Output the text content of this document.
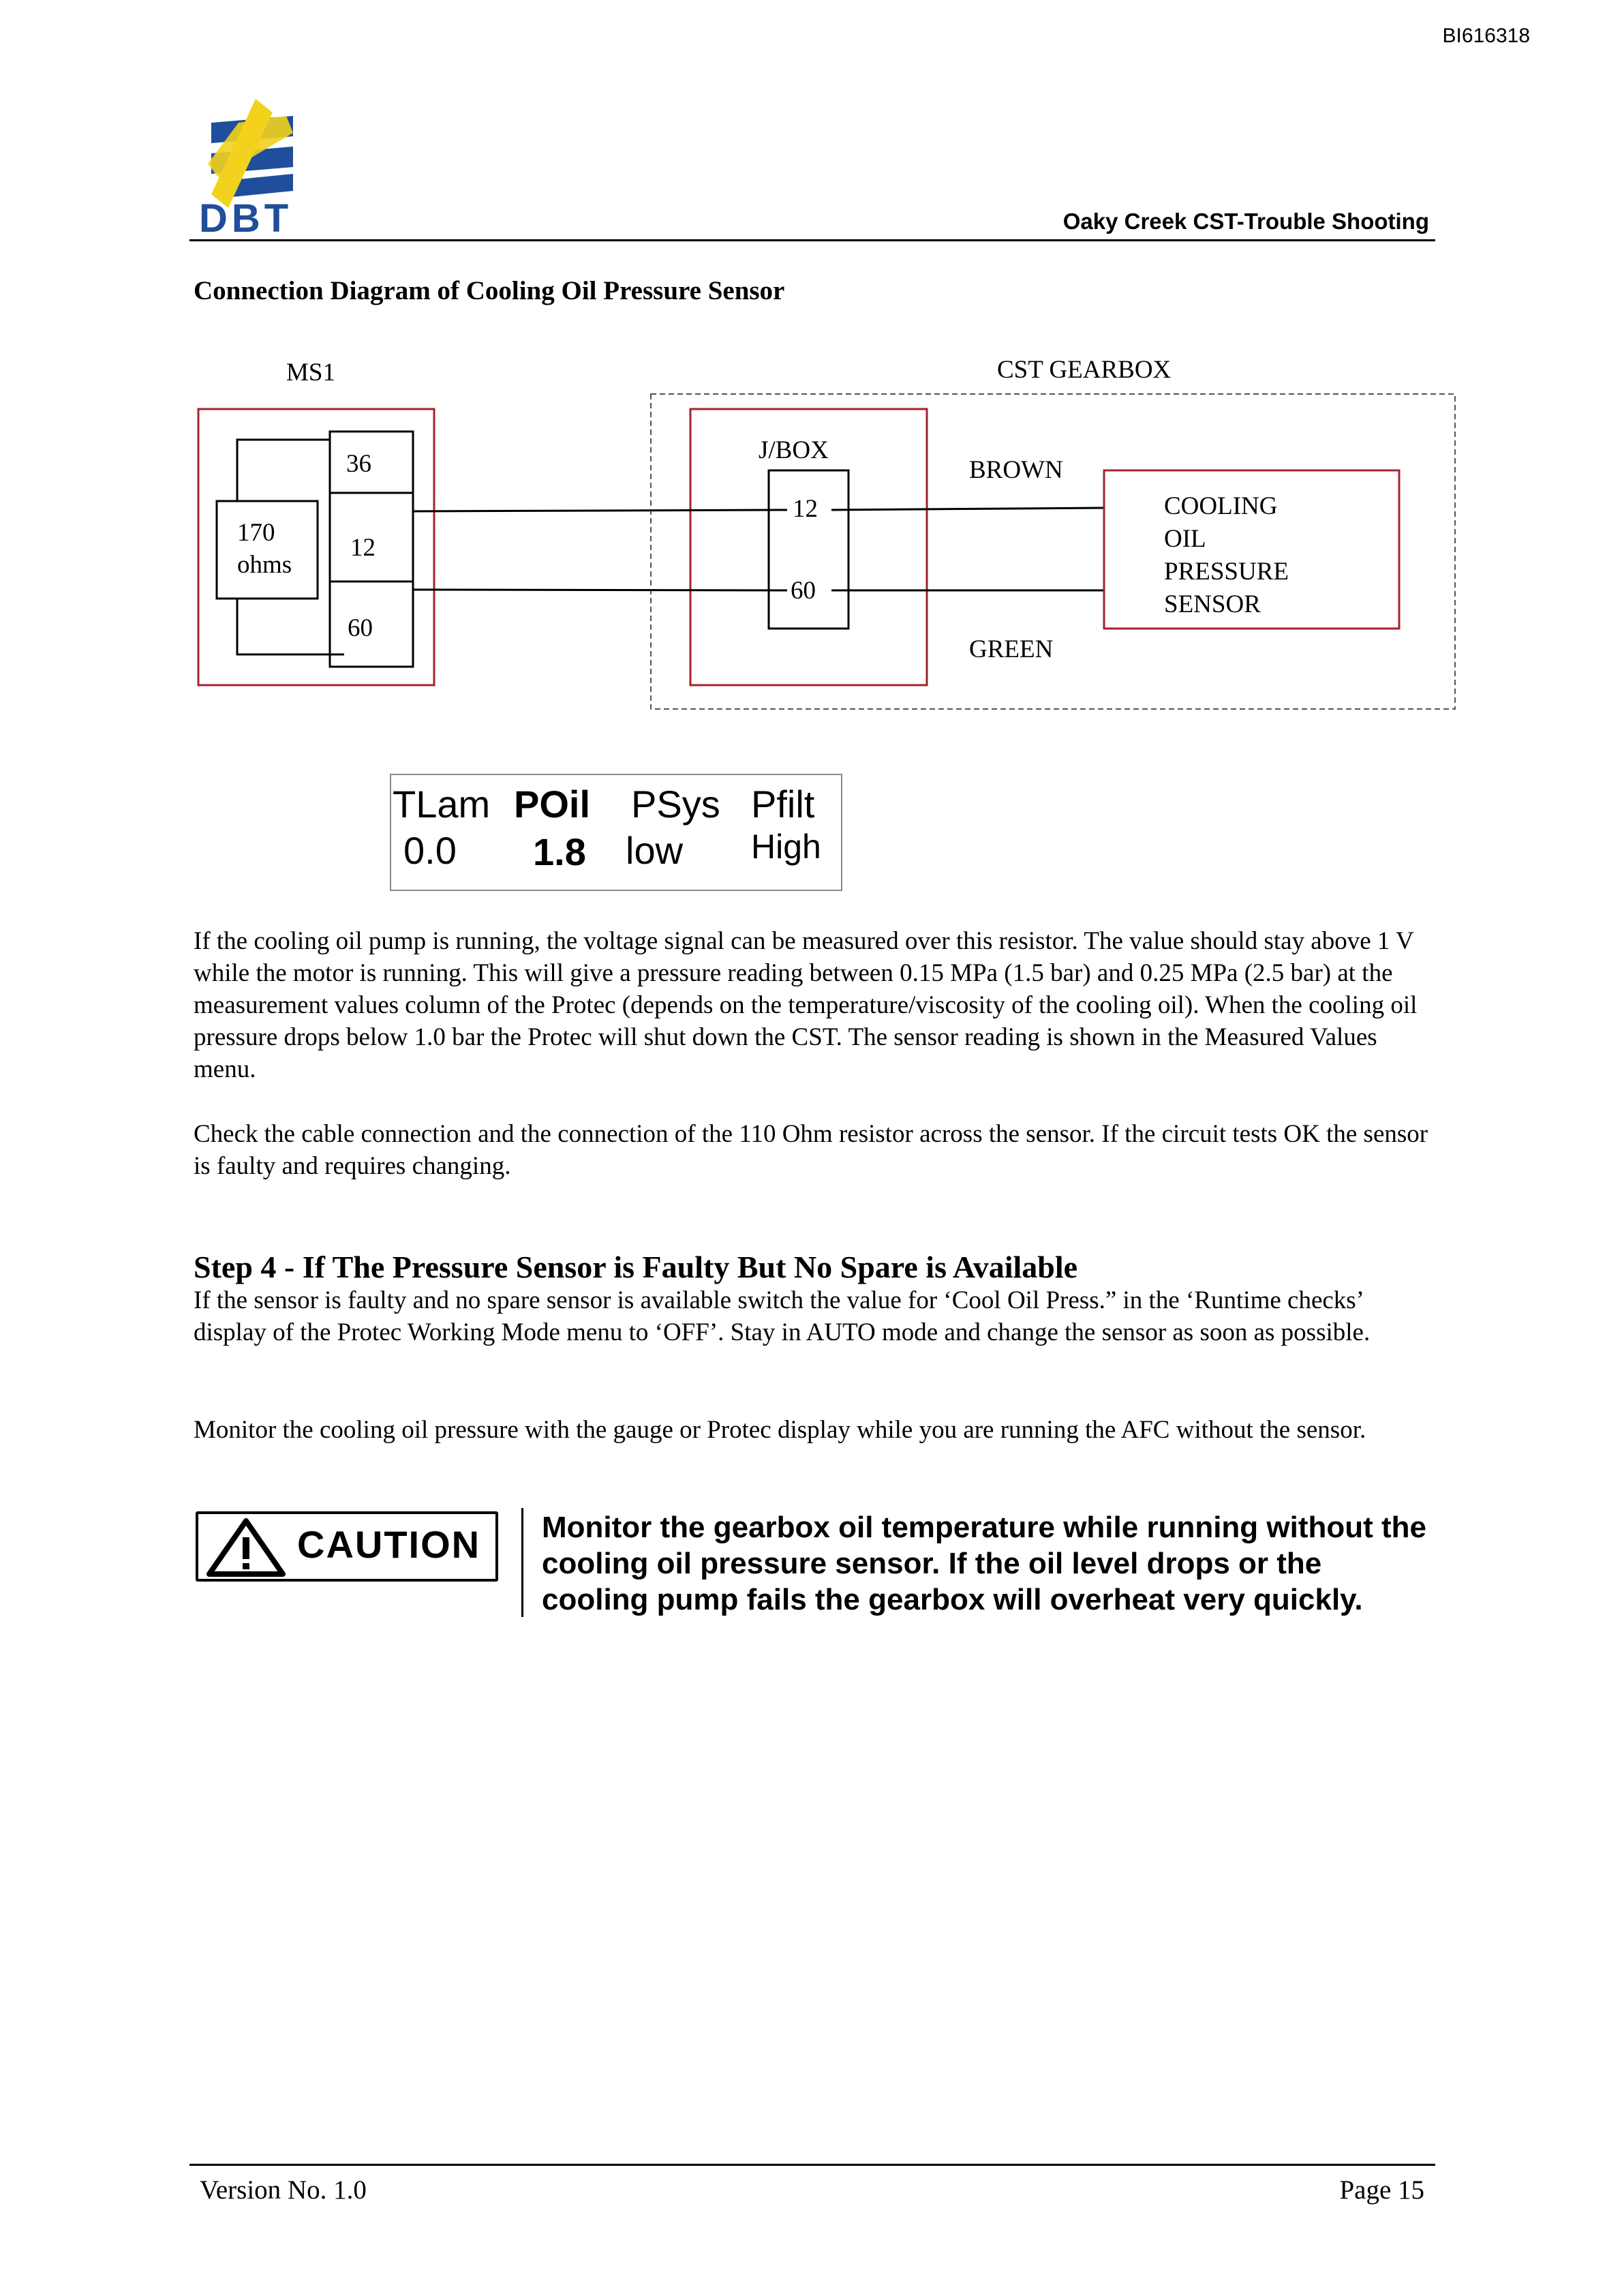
BI616318
DBT	Oaky Creek CST-Trouble Shooting
Connection Diagram of Cooling Oil Pressure Sensor
MS1	CST GEARBOX
36
12
60
170
ohms
J/BOX
12
60
BROWN
GREEN
COOLING
OIL
PRESSURE
SENSOR
TLam POil PSys Pfilt
0.0 1.8 low High
If the cooling oil pump is running, the voltage signal can be measured over this resistor. The value should stay above 1 V while the motor is running. This will give a pressure reading between 0.15 MPa (1.5 bar) and 0.25 MPa (2.5 bar) at the measurement values column of the Protec (depends on the temperature/viscosity of the cooling oil). When the cooling oil pressure drops below 1.0 bar the Protec will shut down the CST. The sensor reading is shown in the Measured Values menu.
Check the cable connection and the connection of the 110 Ohm resistor across the sensor. If the circuit tests OK the sensor is faulty and requires changing.
Step 4 - If The Pressure Sensor is Faulty But No Spare is Available
If the sensor is faulty and no spare sensor is available switch the value for ‘Cool Oil Press.” in the ‘Runtime checks’ display of the Protec Working Mode menu to ‘OFF’. Stay in AUTO mode and change the sensor as soon as possible.
Monitor the cooling oil pressure with the gauge or Protec display while you are running the AFC without the sensor.
CAUTION Monitor the gearbox oil temperature while running without the cooling oil pressure sensor. If the oil level drops or the cooling pump fails the gearbox will overheat very quickly.
Version No. 1.0	Page 15
